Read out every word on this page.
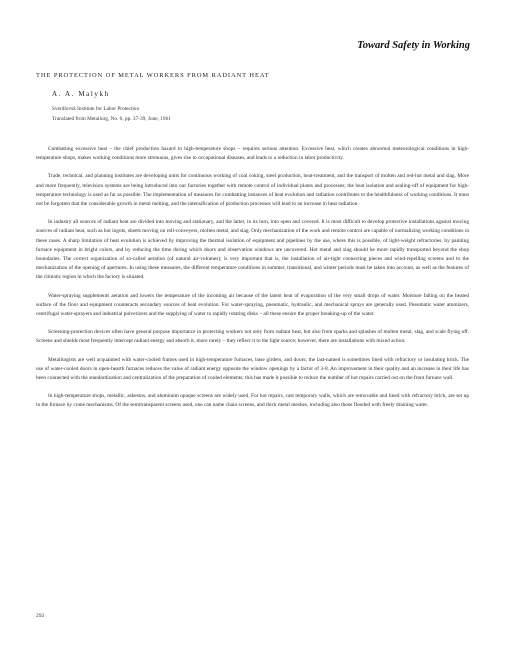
Toward Safety in Working
THE PROTECTION OF METAL WORKERS FROM RADIANT HEAT
A. A. Malykh
Sverdlovsk Institute for Labor Protection
Translated from Metallurg, No. 6, pp. 37-39, June, 1961

Combatting excessive heat – the chief production hazard in high-temperature shops – requires serious attention. Excessive heat, which creates abnormal meteorological conditions in high-temperature shops, makes working conditions more strenuous, gives rise to occupational diseases, and leads to a reduction in labor productivity.

Trade, technical, and planning institutes are developing units for continuous working of coal coking, steel production, heat-treatment, and the transport of molten and red-hot metal and slag. More and more frequently, television systems are being introduced into our factories together with remote control of individual plants and processes; the heat isolation and sealing-off of equipment for high-temperature technology is used as far as possible. The implementation of measures for combatting instances of heat evolution and radiation contributes to the healthfulness of working conditions. It must not be forgotten that the considerable growth in metal melting, and the intensification of production processes will lead to an increase in heat radiation.

In industry all sources of radiant heat are divided into moving and stationary, and the latter, in its turn, into open and covered. It is most difficult to develop protective installations against moving sources of radiant heat, such as hot ingots, sheets moving on roll-conveyers, molten metal, and slag. Only mechanization of the work and remote control are capable of normalizing working conditions in these cases. A sharp limitation of heat evolution is achieved by improving the thermal isolation of equipment and pipelines by the use, where this is possible, of light-weight refractories, by painting furnace equipment in bright colors, and by reducing the time during which doors and observation windows are uncovered. Hot metal and slag should be more rapidly transported beyond the shop boundaries. The correct organization of so-called aeration (of natural air-volumes); is very important that is, the installation of air-tight connecting pieces and wind-repelling screens and to the mechanization of the opening of apertures. In using these measures, the different temperature conditions in summer, transitional, and winter periods must be taken into account, as well as the features of the climatic region in which the factory is situated.

Water-spraying supplements aeration and lowers the temperature of the incoming air because of the latent heat of evaporation of the very small drops of water. Moisture falling on the heated surface of the floor and equipment counteracts secondary sources of heat evolution. For water-spraying, pneumatic, hydraulic, and mechanical sprays are generally used. Pneumatic water atomizers, centrifugal water-sprayers and industrial pulverizers and the supplying of water to rapidly rotating disks – all these ensure the proper breaking-up of the water.

Screening-protection devices often have general purpose importance in protecting workers not only from radiant heat, but also from sparks and splashes of molten metal, slag, and scale flying off. Screens and shields most frequently intercept radiant energy and absorb it, more rarely – they reflect it to the light source; however, there are installations with mixed action.

Metallurgists are well acquainted with water-cooled frames used in high-temperature furnaces, base girders, and doors; the last-named is sometimes lined with refractory or insulating brick. The use of water-cooled doors in open-hearth furnaces reduces the value of radiant energy opposite the window openings by a factor of 3-8. An improvement in their quality and an increase in their life has been connected with the standardization and centralization of the preparation of cooled elements; this has made it possible to reduce the number of hot repairs carried out on the front furnace wall.

In high-temperature shops, metallic, asbestos, and aluminum opaque screens are widely used. For hot repairs, cast temporary walls, which are removable and lined with refractory brick, are set up in the furnace by crane mechanisms. Of the semitransparent screens used, one can name chain screens, and thick metal meshes, including also those flooded with freely draining water.

292
